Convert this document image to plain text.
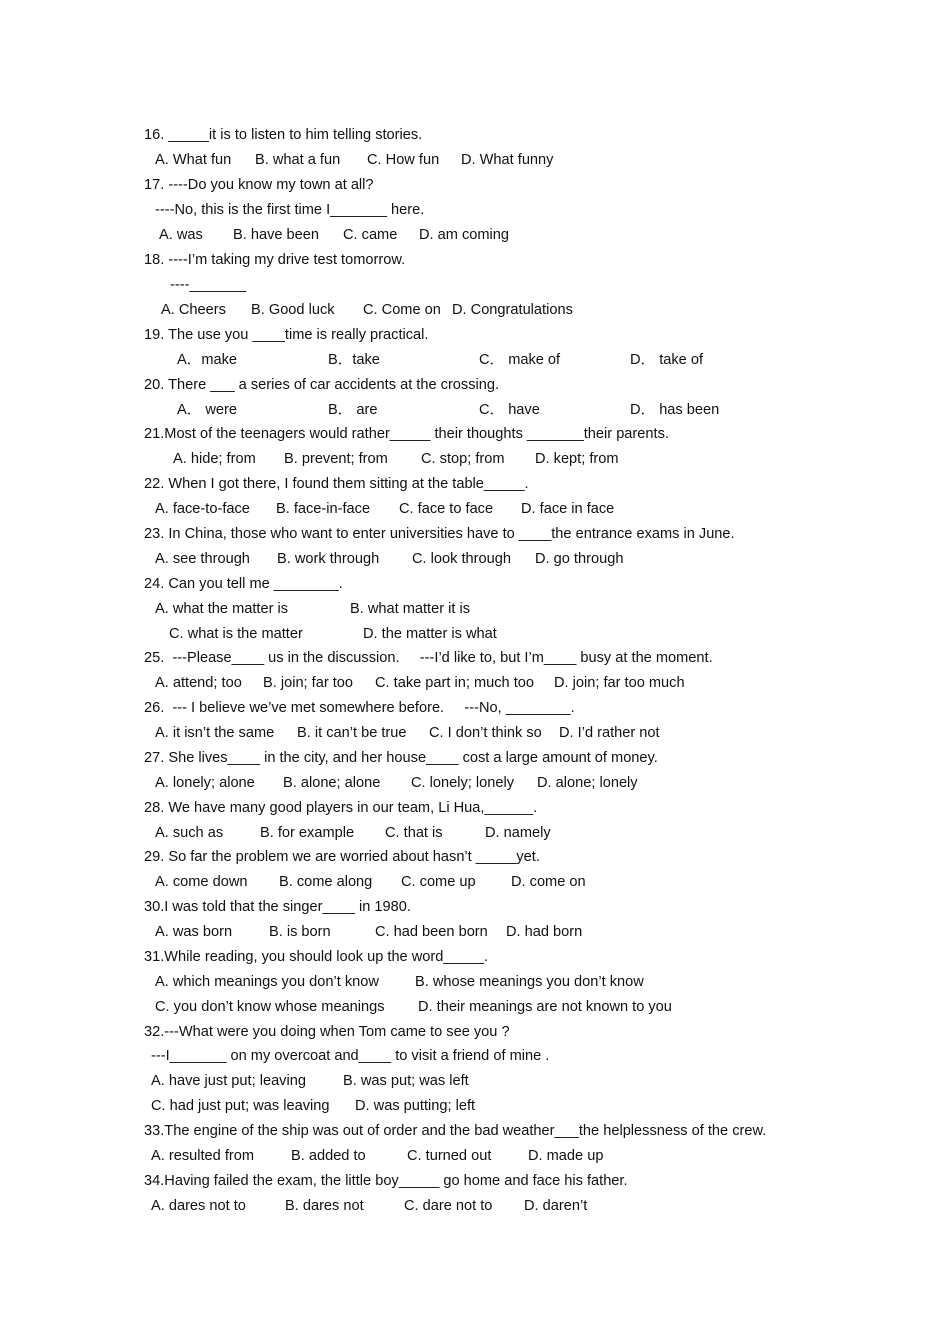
16. _____it is to listen to him telling stories.

A. What fun

B. what a fun

C. How fun

D. What funny

17. ----Do you know my town at all?
----No, this is the first time I_______ here.

A. was

B. have been

C. came

D. am coming

18. ----I’m taking my drive test tomorrow.
----_______

A. Cheers

B. Good luck

C. Come on

D. Congratulations

19. The use you ____time is really practical.

A．make

	B．take

	C． make of

	D． take of

20. There ___ a series of car accidents at the crossing.

A． were

	B． are

	C． have

	D． has been

21.Most of the teenagers would rather_____ their thoughts _______their parents.

A. hide; from

B. prevent; from

C. stop; from

D. kept; from

22. When I got there, I found them sitting at the table_____.

A. face-to-face

B. face-in-face

C. face to face

D. face in face

23. In China, those who want to enter universities have to ____the entrance exams in June.

A. see through

B. work through

C. look through

D. go through

24. Can you tell me ________.

A. what the matter is

	B. what matter it is

C. what is the matter

	D. the matter is what

25.  ---Please____ us in the discussion.     ---I’d like to, but I’m____ busy at the moment.

A. attend; too

B. join; far too

C. take part in; much too

D. join; far too much

26.  --- I believe we’ve met somewhere before.     ---No, ________.

A. it isn’t the same

B. it can’t be true

C. I don’t think so

D. I’d rather not

27. She lives____ in the city, and her house____ cost a large amount of money.

A. lonely; alone

B. alone; alone

C. lonely; lonely

D. alone; lonely

28. We have many good players in our team, Li Hua,______.

A. such as

	B. for example

C. that is

	D. namely

29. So far the problem we are worried about hasn’t _____yet.

A. come down

B. come along

C. come up

D. come on

30.I was told that the singer____ in 1980.

A. was born

	B. is born

	C. had been born

D. had born

31.While reading, you should look up the word_____.

A. which meanings you don’t know

B. whose meanings you don’t know

C. you don’t know whose meanings

D. their meanings are not known to you

32.---What were you doing when Tom came to see you ?
---I_______ on my overcoat and____ to visit a friend of mine .

A. have just put; leaving

	B. was put; was left

C. had just put; was leaving

D. was putting; left

33.The engine of the ship was out of order and the bad weather___the helplessness of the crew.

A. resulted from

	B. added to

	C. turned out

	D. made up

34.Having failed the exam, the little boy_____ go home and face his father.

A. dares not to

	B. dares not

	C. dare not to

D. daren’t
